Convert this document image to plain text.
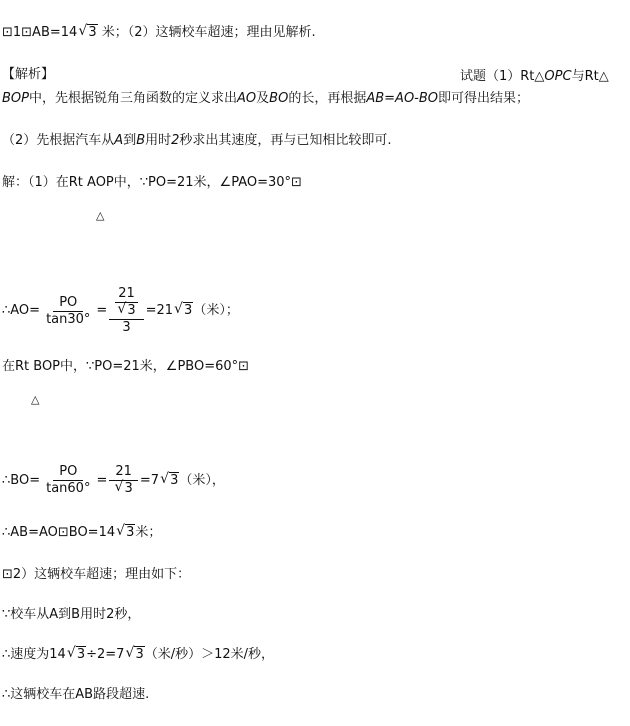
⊡1⊡AB=14 √ 3 米；（2）这辆校车超速；理由见解析.
【解析】	试题（1）Rt△OPC与Rt△
BOP中，先根据锐角三角函数的定义求出AO及BO的长，再根据AB=AO-BO即可得出结果；
（2）先根据汽车从A到B用时2秒求出其速度，再与已知相比较即可.
解：（1）在Rt AOP中，∵PO=21米，∠PAO=30°⊡
△
∴AO= $\frac{PO}{\tan 30^\circ} = 21$
√ 3
3 =21 √ 3 （米）；
在Rt BOP中，∵PO=21米，∠PBO=60°⊡
△
∴BO= $\frac{PO}{\tan 60^\circ} = 21$
√ 3 =7 √ 3 （米），
∴AB=AO⊡BO=14 √ 3米；
⊡2）这辆校车超速；理由如下：
∵校车从A到B用时2秒，
∴速度为14 √ 3÷2=7 √ 3（米/秒）＞12米/秒，
∴这辆校车在AB路段超速.
